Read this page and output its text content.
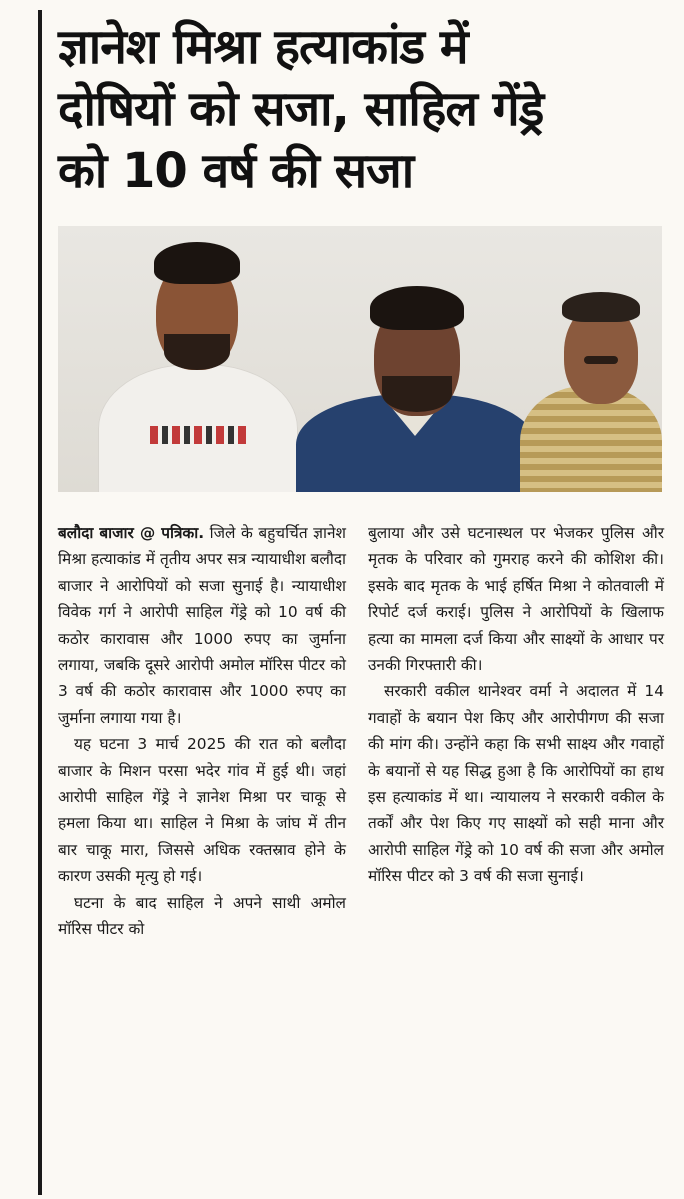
ज्ञानेश मिश्रा हत्याकांड में
दोषियों को सजा, साहिल गेंड्रे
को 10 वर्ष की सजा

बलौदा बाजार @ पत्रिका. जिले के बहुचर्चित ज्ञानेश मिश्रा हत्याकांड में तृतीय अपर सत्र न्यायाधीश बलौदा बाजार ने आरोपियों को सजा सुनाई है। न्यायाधीश विवेक गर्ग ने आरोपी साहिल गेंड्रे को 10 वर्ष की कठोर कारावास और 1000 रुपए का जुर्माना लगाया, जबकि दूसरे आरोपी अमोल मॉरिस पीटर को 3 वर्ष की कठोर कारावास और 1000 रुपए का जुर्माना लगाया गया है।

यह घटना 3 मार्च 2025 की रात को बलौदा बाजार के मिशन परसा भदेर गांव में हुई थी। जहां आरोपी साहिल गेंड्रे ने ज्ञानेश मिश्रा पर चाकू से हमला किया था। साहिल ने मिश्रा के जांघ में तीन बार चाकू मारा, जिससे अधिक रक्तस्राव होने के कारण उसकी मृत्यु हो गई।

घटना के बाद साहिल ने अपने साथी अमोल मॉरिस पीटर को

बुलाया और उसे घटनास्थल पर भेजकर पुलिस और मृतक के परिवार को गुमराह करने की कोशिश की। इसके बाद मृतक के भाई हर्षित मिश्रा ने कोतवाली में रिपोर्ट दर्ज कराई। पुलिस ने आरोपियों के खिलाफ हत्या का मामला दर्ज किया और साक्ष्यों के आधार पर उनकी गिरफ्तारी की।

सरकारी वकील थानेश्वर वर्मा ने अदालत में 14 गवाहों के बयान पेश किए और आरोपीगण की सजा की मांग की। उन्होंने कहा कि सभी साक्ष्य और गवाहों के बयानों से यह सिद्ध हुआ है कि आरोपियों का हाथ इस हत्याकांड में था। न्यायालय ने सरकारी वकील के तर्कों और पेश किए गए साक्ष्यों को सही माना और आरोपी साहिल गेंड्रे को 10 वर्ष की सजा और अमोल मॉरिस पीटर को 3 वर्ष की सजा सुनाई।
